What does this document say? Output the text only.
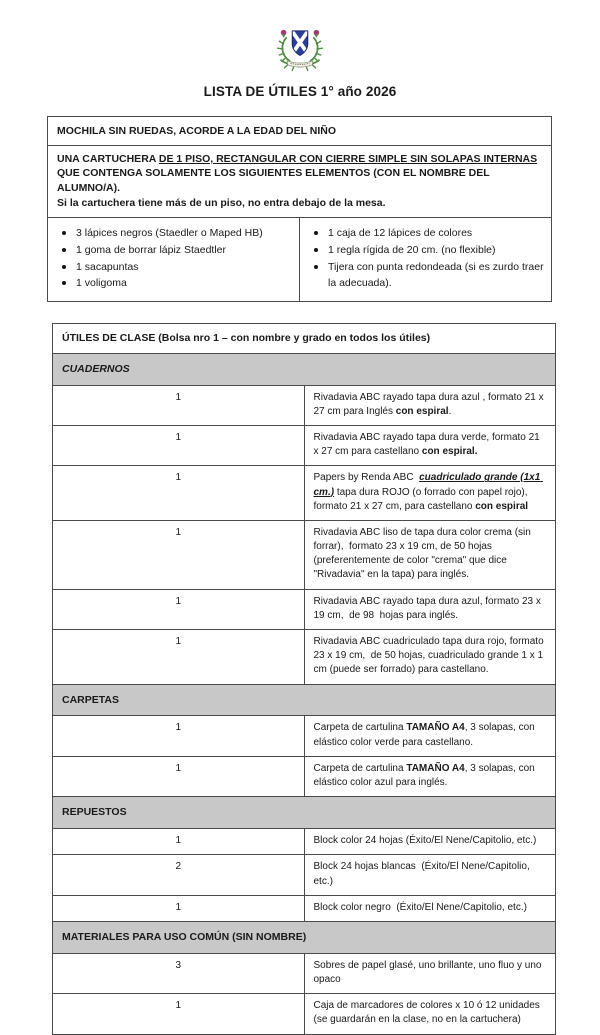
LISTA DE ÚTILES 1° año 2026
MOCHILA SIN RUEDAS, ACORDE A LA EDAD DEL NIÑO

UNA CARTUCHERA DE 1 PISO, RECTANGULAR CON CIERRE SIMPLE SIN SOLAPAS INTERNAS QUE CONTENGA SOLAMENTE LOS SIGUIENTES ELEMENTOS (CON EL NOMBRE DEL ALUMNO/A).
Si la cartuchera tiene más de un piso, no entra debajo de la mesa.

3 lápices negros (Staedler o Maped HB)
1 goma de borrar lápiz Staedtler
1 sacapuntas
1 voligoma

1 caja de 12 lápices de colores
1 regla rígida de 20 cm. (no flexible)
Tijera con punta redondeada (si es zurdo traer la adecuada).
ÚTILES DE CLASE (Bolsa nro 1 – con nombre y grado en todos los útiles)	
CUADERNOS	
1	Rivadavia ABC rayado tapa dura azul , formato 21 x 27 cm para Inglés con espiral.
1	Rivadavia ABC rayado tapa dura verde, formato 21 x 27 cm para castellano con espiral.
1	Papers by Renda ABC  cuadriculado grande (1x1 cm.) tapa dura ROJO (o forrado con papel rojo), formato 21 x 27 cm, para castellano con espiral
1	Rivadavia ABC liso de tapa dura color crema (sin forrar),  formato 23 x 19 cm, de 50 hojas (preferentemente de color "crema" que dice "Rivadavia" en la tapa) para inglés.
1	Rivadavia ABC rayado tapa dura azul, formato 23 x 19 cm,  de 98  hojas para inglés.
1	Rivadavia ABC cuadriculado tapa dura rojo, formato 23 x 19 cm,  de 50 hojas, cuadriculado grande 1 x 1 cm (puede ser forrado) para castellano.
CARPETAS	
1	Carpeta de cartulina TAMAÑO A4, 3 solapas, con elástico color verde para castellano.
1	Carpeta de cartulina TAMAÑO A4, 3 solapas, con elástico color azul para inglés.
REPUESTOS	
1	Block color 24 hojas (Éxito/El Nene/Capitolio, etc.)
2	Block 24 hojas blancas  (Éxito/El Nene/Capitolio, etc.)
1	Block color negro  (Éxito/El Nene/Capitolio, etc.)
MATERIALES PARA USO COMÚN (SIN NOMBRE)	
3	Sobres de papel glasé, uno brillante, uno fluo y uno opaco
1	Caja de marcadores de colores x 10 ó 12 unidades (se guardarán en la clase, no en la cartuchera)
